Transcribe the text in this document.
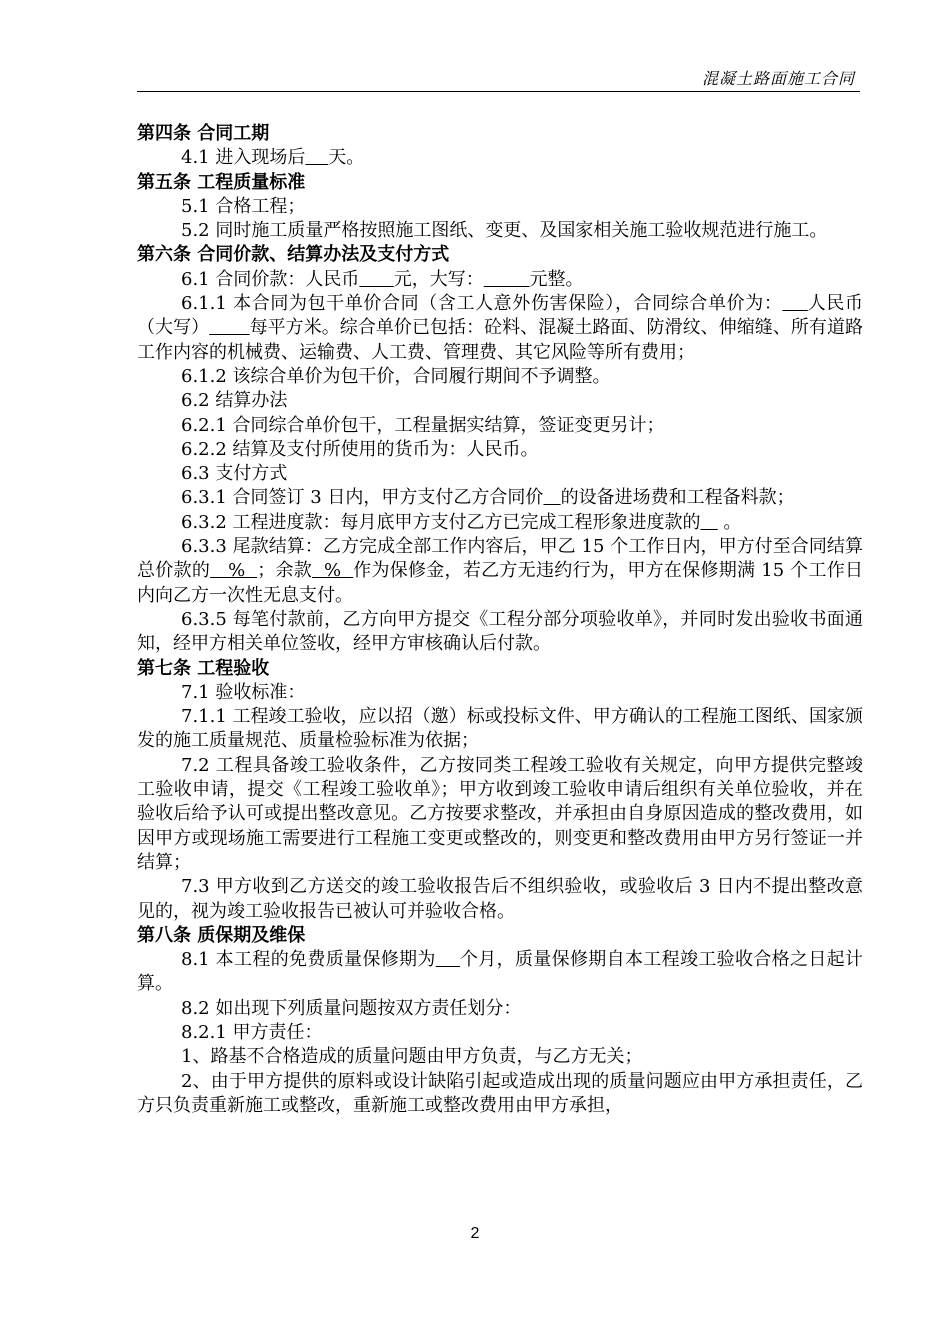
混凝土路面施工合同

第四条 合同工期

4.1 进入现场后 天。

第五条 工程质量标准

5.1 合格工程；

5.2 同时施工质量严格按照施工图纸、变更、及国家相关施工验收规范进行施工。

第六条 合同价款、结算办法及支付方式

6.1 合同价款：人民币 元，大写：	元整。

6.1.1 本合同为包干单价合同（含工人意外伤害保险），合同综合单价为： 人民币（大写） 每平方米。综合单价已包括：砼料、混凝土路面、防滑纹、伸缩缝、所有道路工作内容的机械费、运输费、人工费、管理费、其它风险等所有费用；

6.1.2 该综合单价为包干价，合同履行期间不予调整。

6.2 结算办法

6.2.1 合同综合单价包干，工程量据实结算，签证变更另计；

6.2.2 结算及支付所使用的货币为：人民币。

6.3 支付方式

6.3.1 合同签订 3 日内，甲方支付乙方合同价 的设备进场费和工程备料款；

6.3.2 工程进度款：每月底甲方支付乙方已完成工程形象进度款的    。

6.3.3 尾款结算：乙方完成全部工作内容后，甲乙 15 个工作日内，甲方付至合同结算总价款的   %  ；余款  %  作为保修金，若乙方无违约行为，甲方在保修期满 15 个工作日内向乙方一次性无息支付。

6.3.5 每笔付款前，乙方向甲方提交《工程分部分项验收单》，并同时发出验收书面通知，经甲方相关单位签收，经甲方审核确认后付款。

第七条 工程验收

7.1 验收标准：

7.1.1 工程竣工验收，应以招（邀）标或投标文件、甲方确认的工程施工图纸、国家颁发的施工质量规范、质量检验标准为依据；

7.2 工程具备竣工验收条件，乙方按同类工程竣工验收有关规定，向甲方提供完整竣工验收申请，提交《工程竣工验收单》；甲方收到竣工验收申请后组织有关单位验收，并在验收后给予认可或提出整改意见。乙方按要求整改，并承担由自身原因造成的整改费用，如因甲方或现场施工需要进行工程施工变更或整改的，则变更和整改费用由甲方另行签证一并结算；

7.3 甲方收到乙方送交的竣工验收报告后不组织验收，或验收后 3 日内不提出整改意见的，视为竣工验收报告已被认可并验收合格。

第八条 质保期及维保

8.1 本工程的免费质量保修期为 个月，质量保修期自本工程竣工验收合格之日起计算。

8.2 如出现下列质量问题按双方责任划分：

8.2.1 甲方责任：

1、路基不合格造成的质量问题由甲方负责，与乙方无关；

2、由于甲方提供的原料或设计缺陷引起或造成出现的质量问题应由甲方承担责任，乙方只负责重新施工或整改，重新施工或整改费用由甲方承担，

2
